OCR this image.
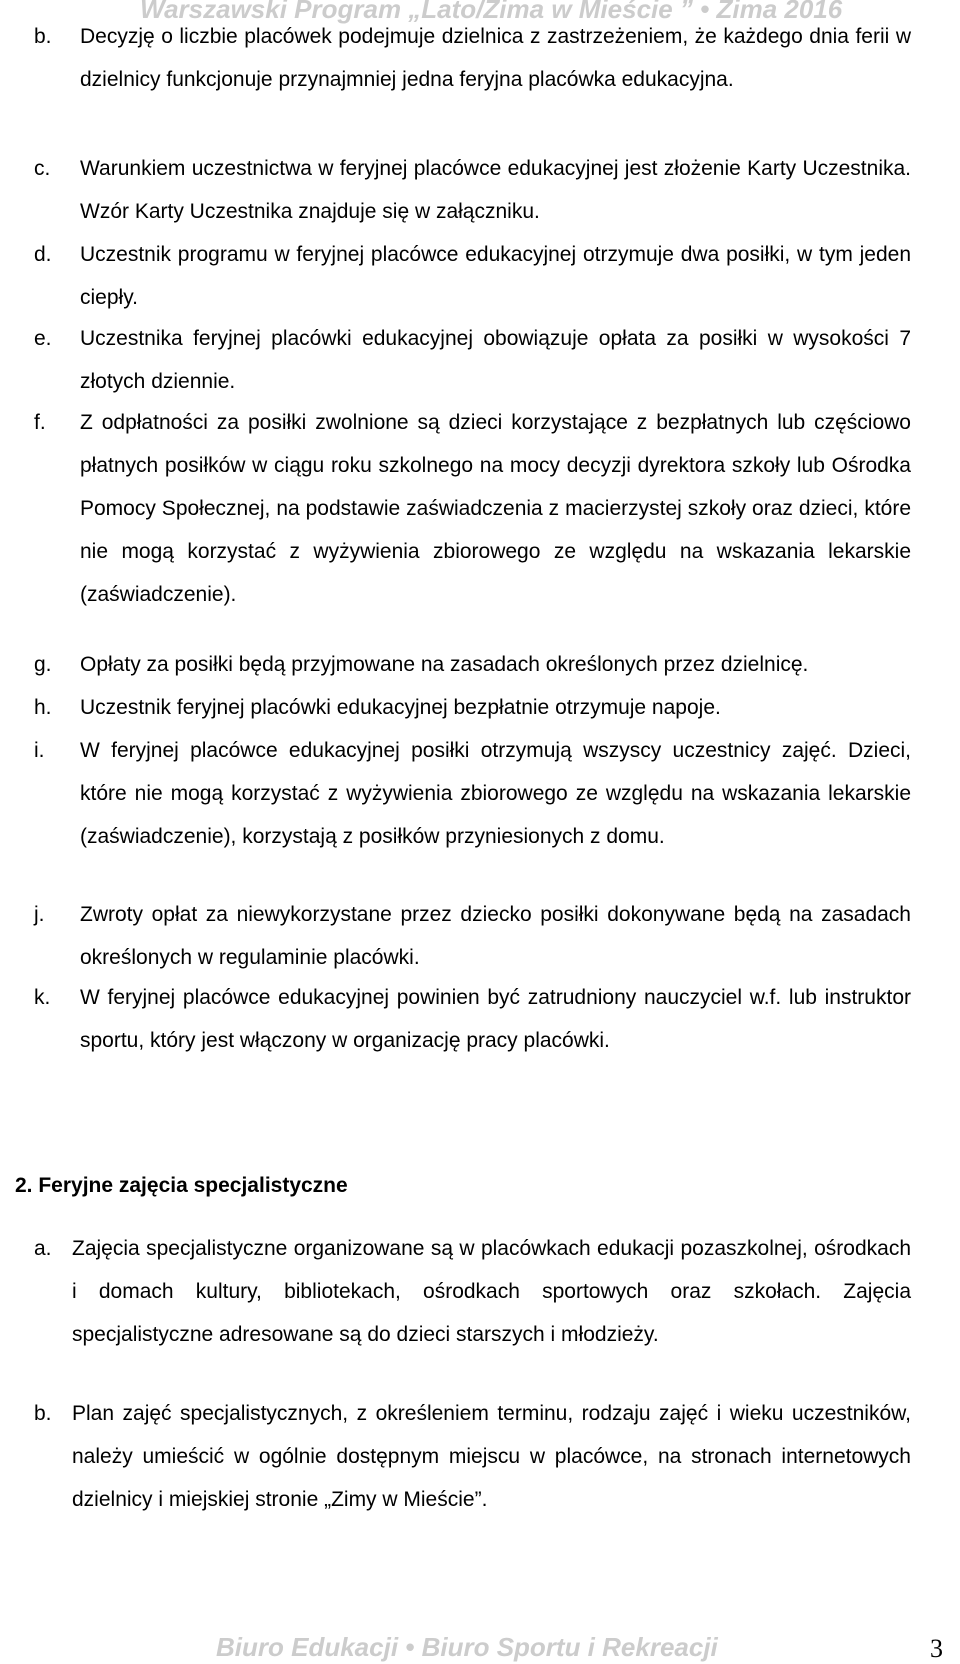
Warszawski Program „Lato/Zima w Mieście ” • Zima 2016
b.	Decyzję o liczbie placówek podejmuje dzielnica z zastrzeżeniem, że każdego dnia ferii w dzielnicy funkcjonuje przynajmniej jedna feryjna placówka edukacyjna.
c.	Warunkiem uczestnictwa w feryjnej placówce edukacyjnej jest złożenie Karty Uczestnika. Wzór Karty Uczestnika znajduje się w załączniku.
d.	Uczestnik programu w feryjnej placówce edukacyjnej otrzymuje dwa posiłki, w tym jeden ciepły.
e.	Uczestnika feryjnej placówki edukacyjnej obowiązuje opłata za posiłki w wysokości 7 złotych dziennie.
f.	Z odpłatności za posiłki zwolnione są dzieci korzystające z bezpłatnych lub częściowo płatnych posiłków w ciągu roku szkolnego na mocy decyzji dyrektora szkoły lub Ośrodka Pomocy Społecznej, na podstawie zaświadczenia z macierzystej szkoły oraz dzieci, które nie mogą korzystać z wyżywienia zbiorowego ze względu na wskazania lekarskie (zaświadczenie).
g.	Opłaty za posiłki będą przyjmowane na zasadach określonych przez dzielnicę.
h.	Uczestnik feryjnej placówki edukacyjnej bezpłatnie otrzymuje napoje.
i.	W feryjnej placówce edukacyjnej posiłki otrzymują wszyscy uczestnicy zajęć. Dzieci, które nie mogą korzystać z wyżywienia zbiorowego ze względu na wskazania lekarskie (zaświadczenie), korzystają z posiłków przyniesionych z domu.
j.	Zwroty opłat za niewykorzystane przez dziecko posiłki dokonywane będą na zasadach określonych w regulaminie placówki.
k.	W feryjnej placówce edukacyjnej powinien być zatrudniony nauczyciel w.f. lub instruktor sportu, który jest włączony w organizację pracy placówki.
2. Feryjne zajęcia specjalistyczne
a. Zajęcia specjalistyczne organizowane są w placówkach edukacji pozaszkolnej, ośrodkach i domach kultury, bibliotekach, ośrodkach sportowych oraz szkołach. Zajęcia specjalistyczne adresowane są do dzieci starszych i młodzieży.
b. Plan zajęć specjalistycznych, z określeniem terminu, rodzaju zajęć i wieku uczestników, należy umieścić w ogólnie dostępnym miejscu w placówce, na stronach internetowych dzielnicy i miejskiej stronie „Zimy w Mieście”.
Biuro Edukacji • Biuro Sportu i Rekreacji	3
